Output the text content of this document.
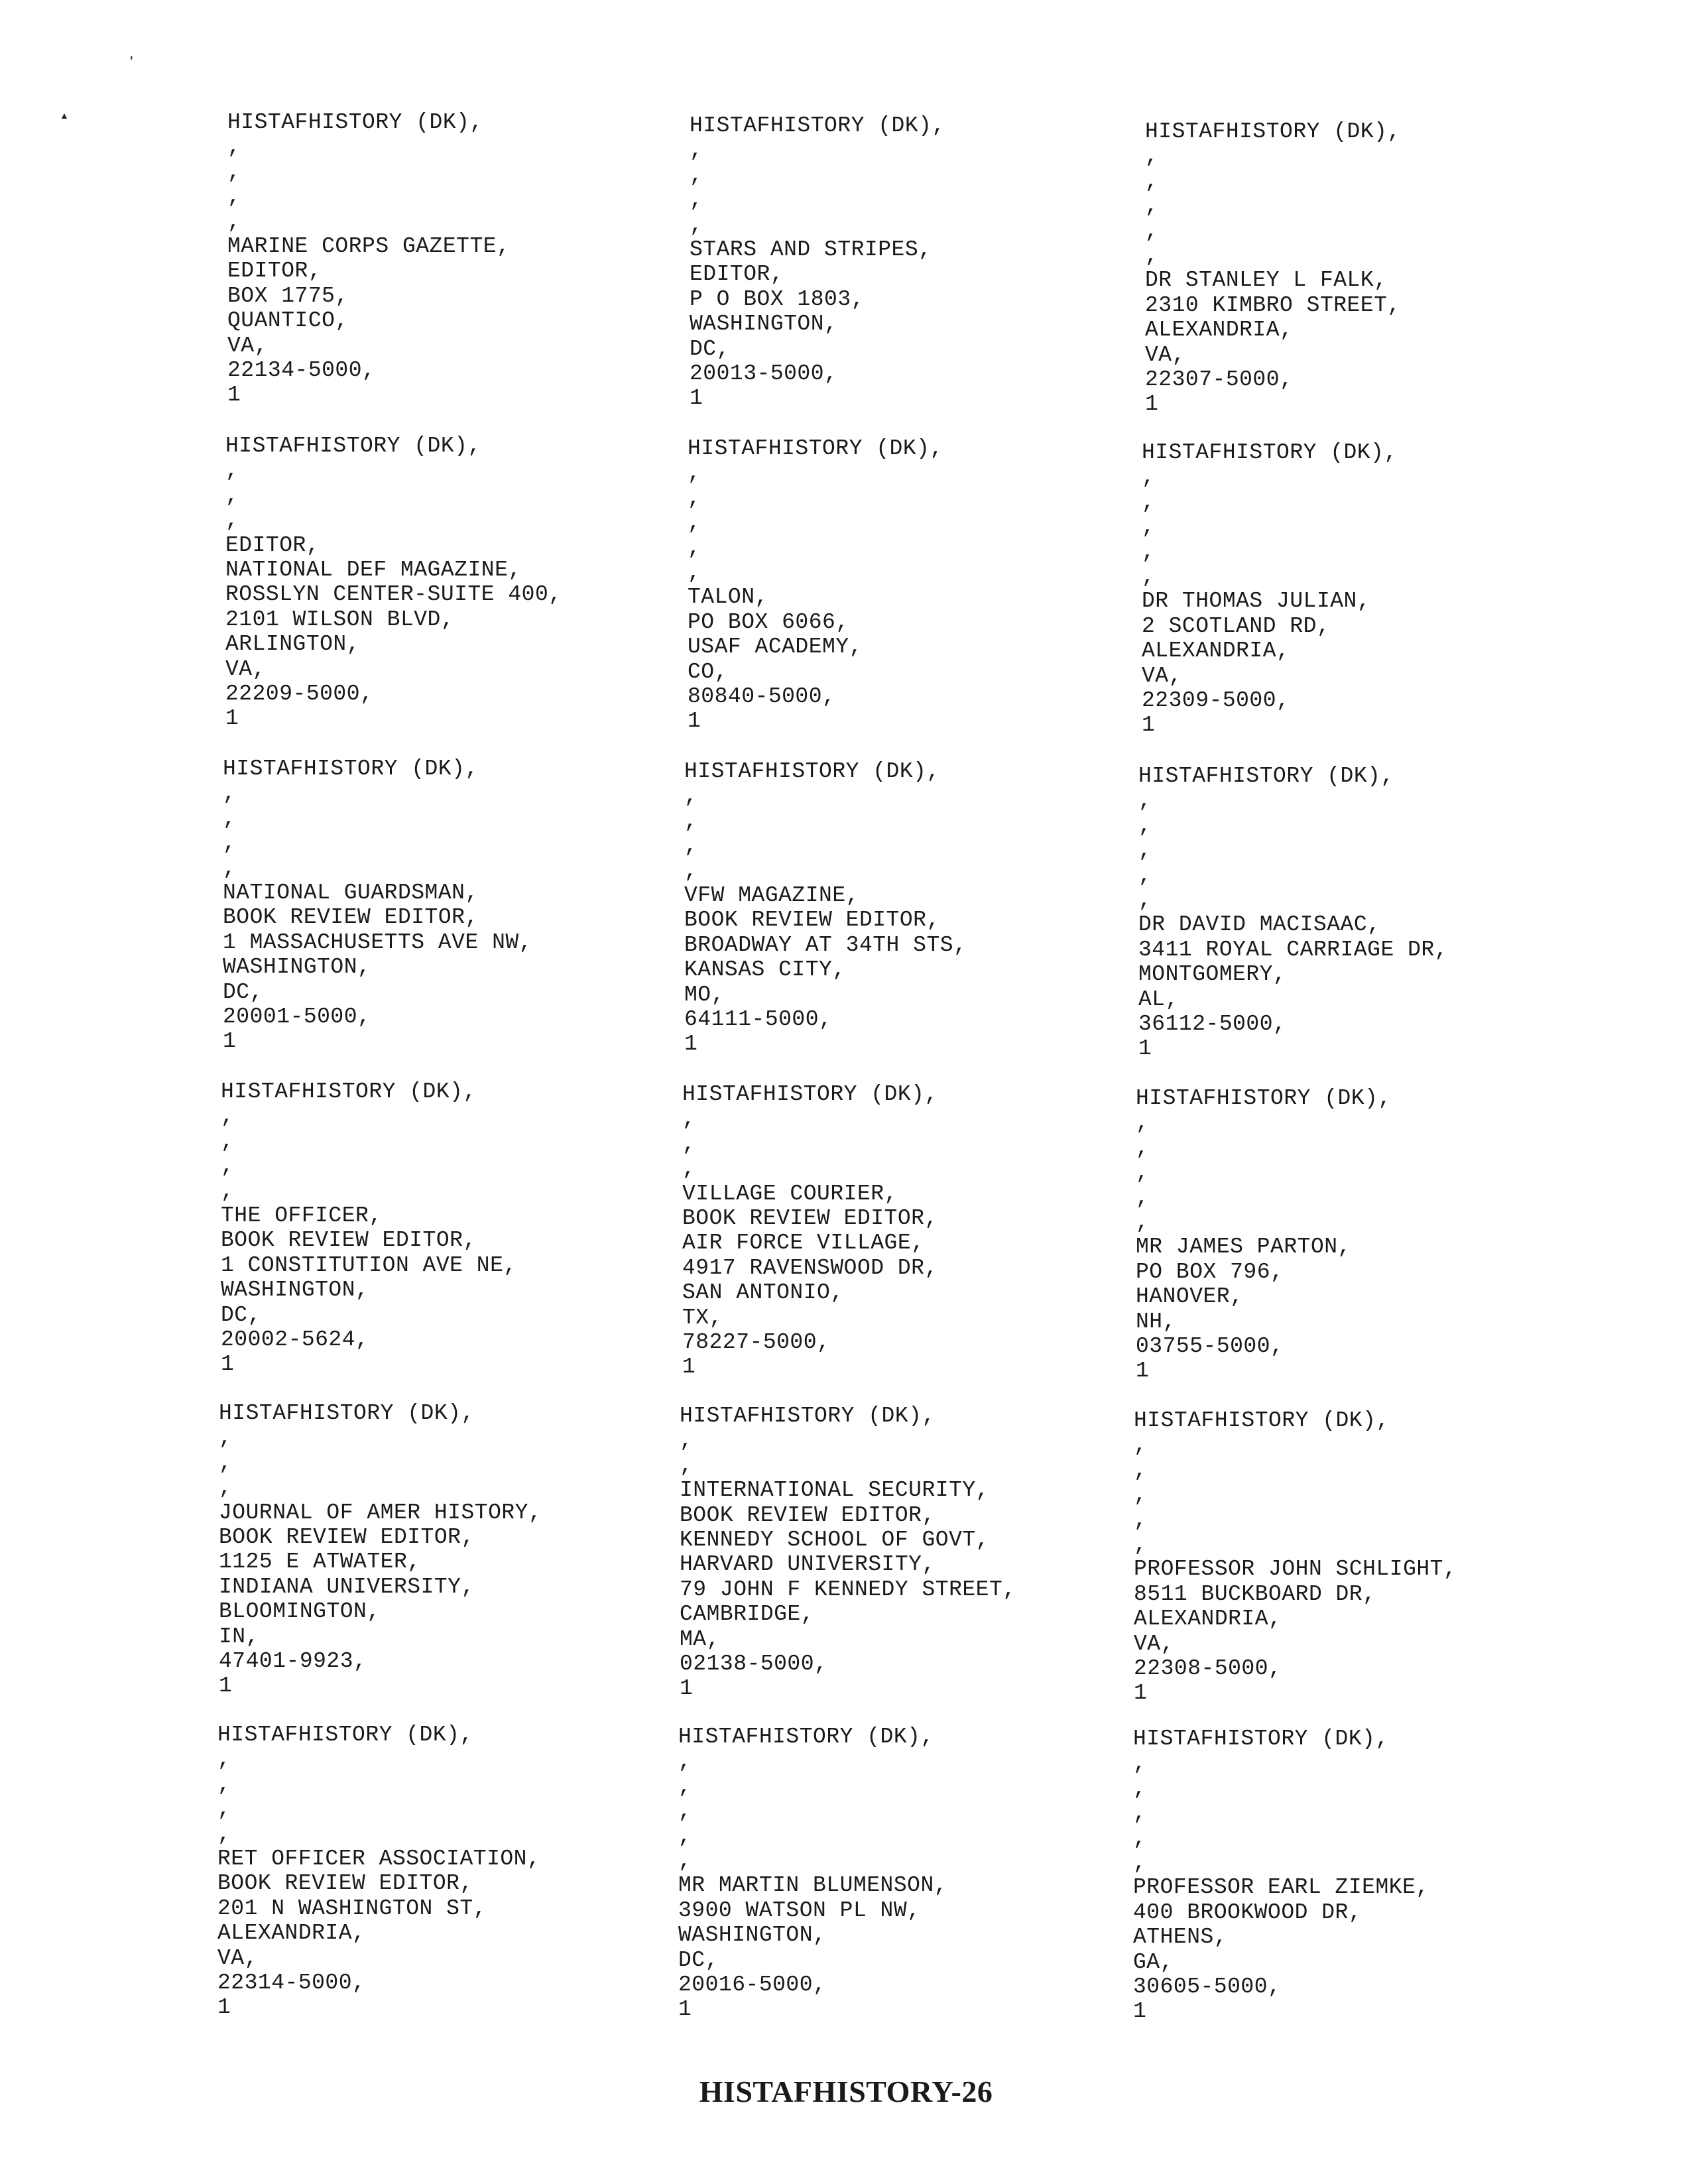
▲
'
HISTAFHISTORY (DK),
,
,
,
,
MARINE CORPS GAZETTE,
EDITOR,
BOX 1775,
QUANTICO,
VA,
22134-5000,
1
HISTAFHISTORY (DK),
,
,
,
,
STARS AND STRIPES,
EDITOR,
P O BOX 1803,
WASHINGTON,
DC,
20013-5000,
1
HISTAFHISTORY (DK),
,
,
,
,
,
DR STANLEY L FALK,
2310 KIMBRO STREET,
ALEXANDRIA,
VA,
22307-5000,
1
HISTAFHISTORY (DK),
,
,
,
EDITOR,
NATIONAL DEF MAGAZINE,
ROSSLYN CENTER-SUITE 400,
2101 WILSON BLVD,
ARLINGTON,
VA,
22209-5000,
1
HISTAFHISTORY (DK),
,
,
,
,
,
TALON,
PO BOX 6066,
USAF ACADEMY,
CO,
80840-5000,
1
HISTAFHISTORY (DK),
,
,
,
,
,
DR THOMAS JULIAN,
2 SCOTLAND RD,
ALEXANDRIA,
VA,
22309-5000,
1
HISTAFHISTORY (DK),
,
,
,
,
NATIONAL GUARDSMAN,
BOOK REVIEW EDITOR,
1 MASSACHUSETTS AVE NW,
WASHINGTON,
DC,
20001-5000,
1
HISTAFHISTORY (DK),
,
,
,
,
VFW MAGAZINE,
BOOK REVIEW EDITOR,
BROADWAY AT 34TH STS,
KANSAS CITY,
MO,
64111-5000,
1
HISTAFHISTORY (DK),
,
,
,
,
,
DR DAVID MACISAAC,
3411 ROYAL CARRIAGE DR,
MONTGOMERY,
AL,
36112-5000,
1
HISTAFHISTORY (DK),
,
,
,
,
THE OFFICER,
BOOK REVIEW EDITOR,
1 CONSTITUTION AVE NE,
WASHINGTON,
DC,
20002-5624,
1
HISTAFHISTORY (DK),
,
,
,
VILLAGE COURIER,
BOOK REVIEW EDITOR,
AIR FORCE VILLAGE,
4917 RAVENSWOOD DR,
SAN ANTONIO,
TX,
78227-5000,
1
HISTAFHISTORY (DK),
,
,
,
,
,
MR JAMES PARTON,
PO BOX 796,
HANOVER,
NH,
03755-5000,
1
HISTAFHISTORY (DK),
,
,
,
JOURNAL OF AMER HISTORY,
BOOK REVIEW EDITOR,
1125 E ATWATER,
INDIANA UNIVERSITY,
BLOOMINGTON,
IN,
47401-9923,
1
HISTAFHISTORY (DK),
,
,
INTERNATIONAL SECURITY,
BOOK REVIEW EDITOR,
KENNEDY SCHOOL OF GOVT,
HARVARD UNIVERSITY,
79 JOHN F KENNEDY STREET,
CAMBRIDGE,
MA,
02138-5000,
1
HISTAFHISTORY (DK),
,
,
,
,
,
PROFESSOR JOHN SCHLIGHT,
8511 BUCKBOARD DR,
ALEXANDRIA,
VA,
22308-5000,
1
HISTAFHISTORY (DK),
,
,
,
,
RET OFFICER ASSOCIATION,
BOOK REVIEW EDITOR,
201 N WASHINGTON ST,
ALEXANDRIA,
VA,
22314-5000,
1
HISTAFHISTORY (DK),
,
,
,
,
,
MR MARTIN BLUMENSON,
3900 WATSON PL NW,
WASHINGTON,
DC,
20016-5000,
1
HISTAFHISTORY (DK),
,
,
,
,
,
PROFESSOR EARL ZIEMKE,
400 BROOKWOOD DR,
ATHENS,
GA,
30605-5000,
1
HISTAFHISTORY-26
